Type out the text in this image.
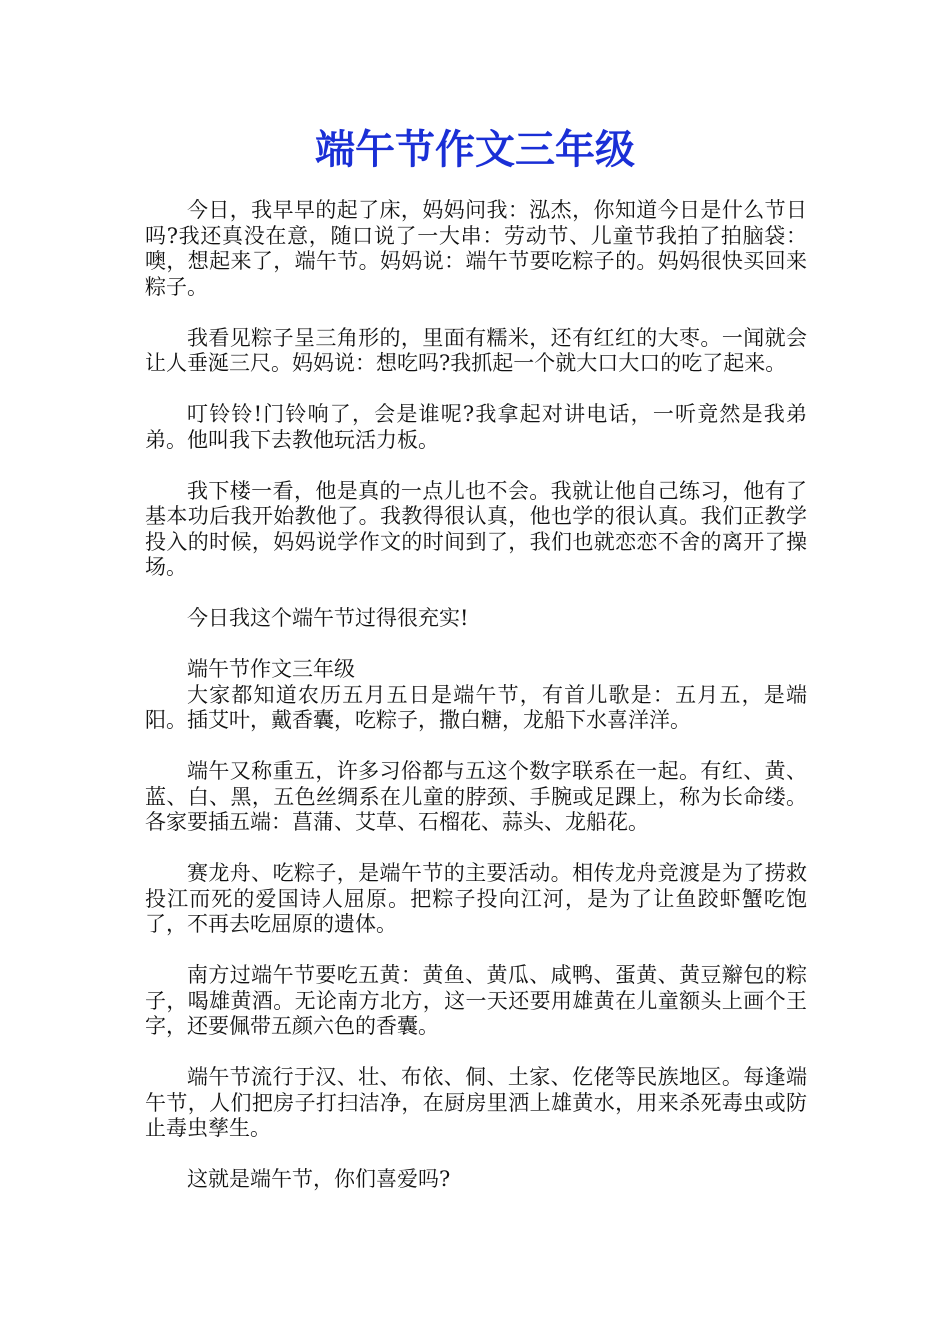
端午节作文三年级

今日，我早早的起了床，妈妈问我：泓杰，你知道今日是什么节日吗?我还真没在意，随口说了一大串：劳动节、儿童节我拍了拍脑袋：噢，想起来了，端午节。妈妈说：端午节要吃粽子的。妈妈很快买回来粽子。

我看见粽子呈三角形的，里面有糯米，还有红红的大枣。一闻就会让人垂涎三尺。妈妈说：想吃吗?我抓起一个就大口大口的吃了起来。

叮铃铃!门铃响了，会是谁呢?我拿起对讲电话，一听竟然是我弟弟。他叫我下去教他玩活力板。

我下楼一看，他是真的一点儿也不会。我就让他自己练习，他有了基本功后我开始教他了。我教得很认真，他也学的很认真。我们正教学投入的时候，妈妈说学作文的时间到了，我们也就恋恋不舍的离开了操场。

今日我这个端午节过得很充实!

端午节作文三年级

大家都知道农历五月五日是端午节，有首儿歌是：五月五，是端阳。插艾叶，戴香囊，吃粽子，撒白糖，龙船下水喜洋洋。

端午又称重五，许多习俗都与五这个数字联系在一起。有红、黄、蓝、白、黑，五色丝绸系在儿童的脖颈、手腕或足踝上，称为长命缕。各家要插五端：菖蒲、艾草、石榴花、蒜头、龙船花。

赛龙舟、吃粽子，是端午节的主要活动。相传龙舟竞渡是为了捞救投江而死的爱国诗人屈原。把粽子投向江河，是为了让鱼跤虾蟹吃饱了，不再去吃屈原的遗体。

南方过端午节要吃五黄：黄鱼、黄瓜、咸鸭、蛋黄、黄豆辮包的粽子，喝雄黄酒。无论南方北方，这一天还要用雄黄在儿童额头上画个王字，还要佩带五颜六色的香囊。

端午节流行于汉、壮、布依、侗、土家、仡佬等民族地区。每逢端午节，人们把房子打扫洁净，在厨房里洒上雄黄水，用来杀死毒虫或防止毒虫孳生。

这就是端午节，你们喜爱吗?
